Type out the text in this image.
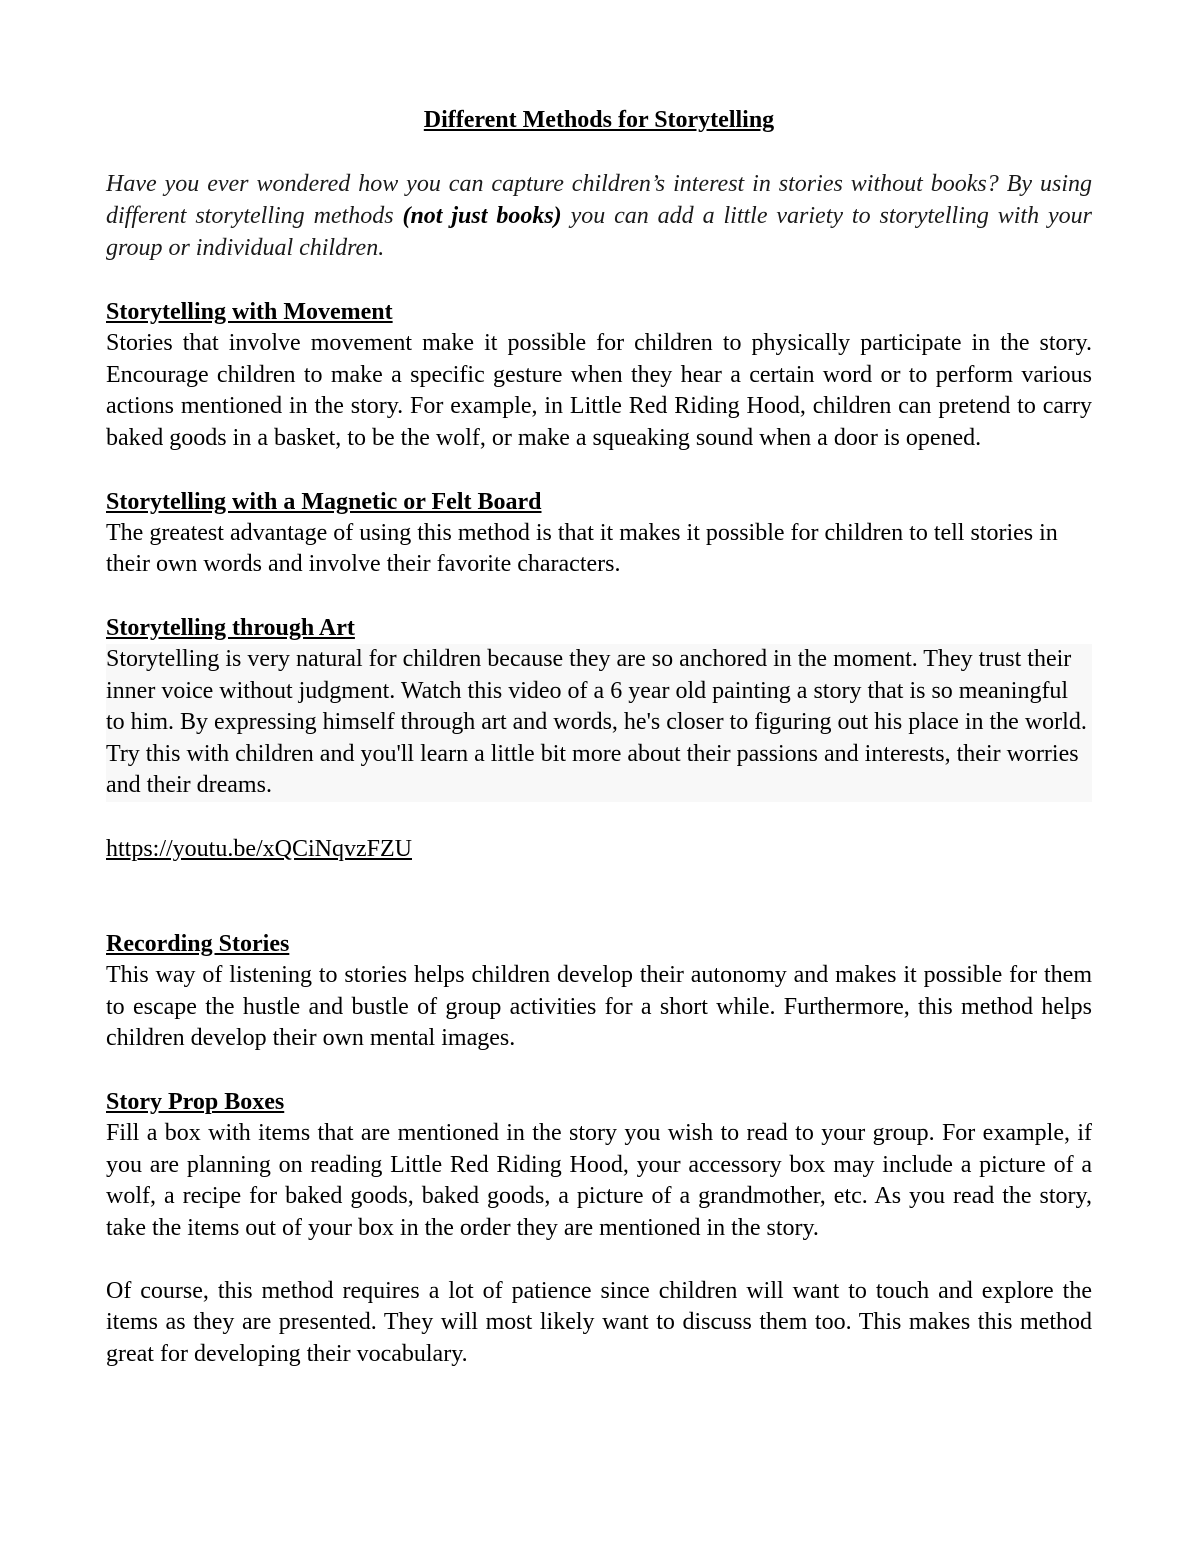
Different Methods for Storytelling

Have you ever wondered how you can capture children’s interest in stories without books? By using different storytelling methods (not just books) you can add a little variety to storytelling with your group or individual children.

Storytelling with Movement

Stories that involve movement make it possible for children to physically participate in the story. Encourage children to make a specific gesture when they hear a certain word or to perform various actions mentioned in the story. For example, in Little Red Riding Hood, children can pretend to carry baked goods in a basket, to be the wolf, or make a squeaking sound when a door is opened.

Storytelling with a Magnetic or Felt Board

The greatest advantage of using this method is that it makes it possible for children to tell stories in their own words and involve their favorite characters.

Storytelling through Art
Storytelling is very natural for children because they are so anchored in the moment. They trust their inner voice without judgment. Watch this video of a 6 year old painting a story that is so meaningful to him. By expressing himself through art and words, he's closer to figuring out his place in the world. Try this with children and you'll learn a little bit more about their passions and interests, their worries and their dreams.
https://youtu.be/xQCiNqvzFZU
Recording Stories

This way of listening to stories helps children develop their autonomy and makes it possible for them to escape the hustle and bustle of group activities for a short while. Furthermore, this method helps children develop their own mental images.

Story Prop Boxes

Fill a box with items that are mentioned in the story you wish to read to your group. For example, if you are planning on reading Little Red Riding Hood, your accessory box may include a picture of a wolf, a recipe for baked goods, baked goods, a picture of a grandmother, etc. As you read the story, take the items out of your box in the order they are mentioned in the story.

Of course, this method requires a lot of patience since children will want to touch and explore the items as they are presented. They will most likely want to discuss them too. This makes this method great for developing their vocabulary.
